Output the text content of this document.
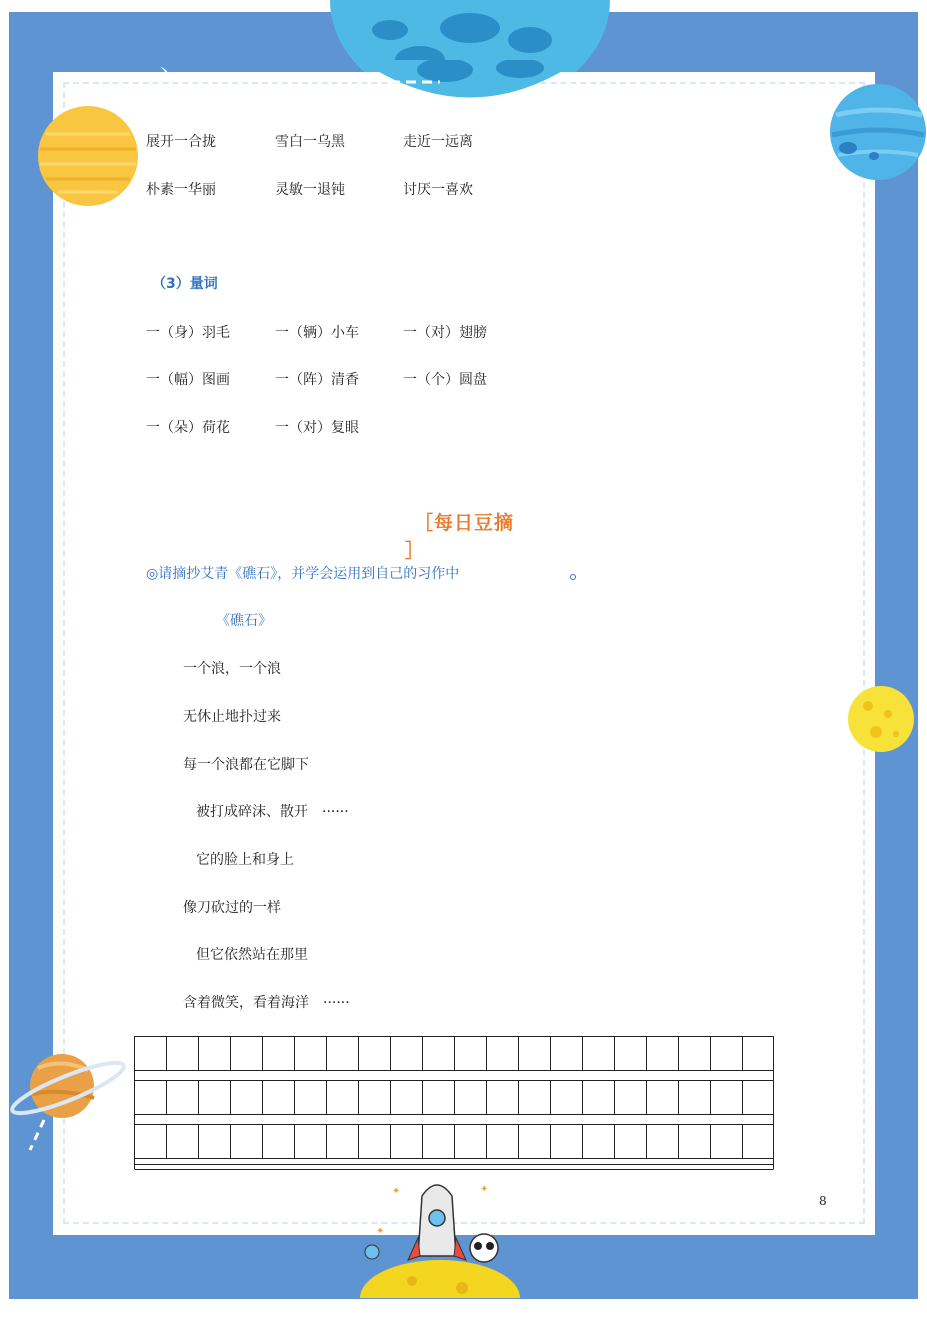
丶
展开一合拢	雪白一乌黑	走近一远离
朴素一华丽	灵敏一退钝	讨厌一喜欢
（3）量词
一（身）羽毛	一（辆）小车	一（对）翅膀
一（幅）图画	一（阵）清香	一（个）圆盘
一（朵）荷花	一（对）复眼
［每日豆摘
］
◎请摘抄艾青《礁石》，并学会运用到自己的习作中
《礁石》
一个浪，一个浪
无休止地扑过来
每一个浪都在它脚下
被打成碎沫、散开　······
它的脸上和身上
像刀砍过的一样
但它依然站在那里
含着微笑，看着海洋　······
✦	✦
✦
8
